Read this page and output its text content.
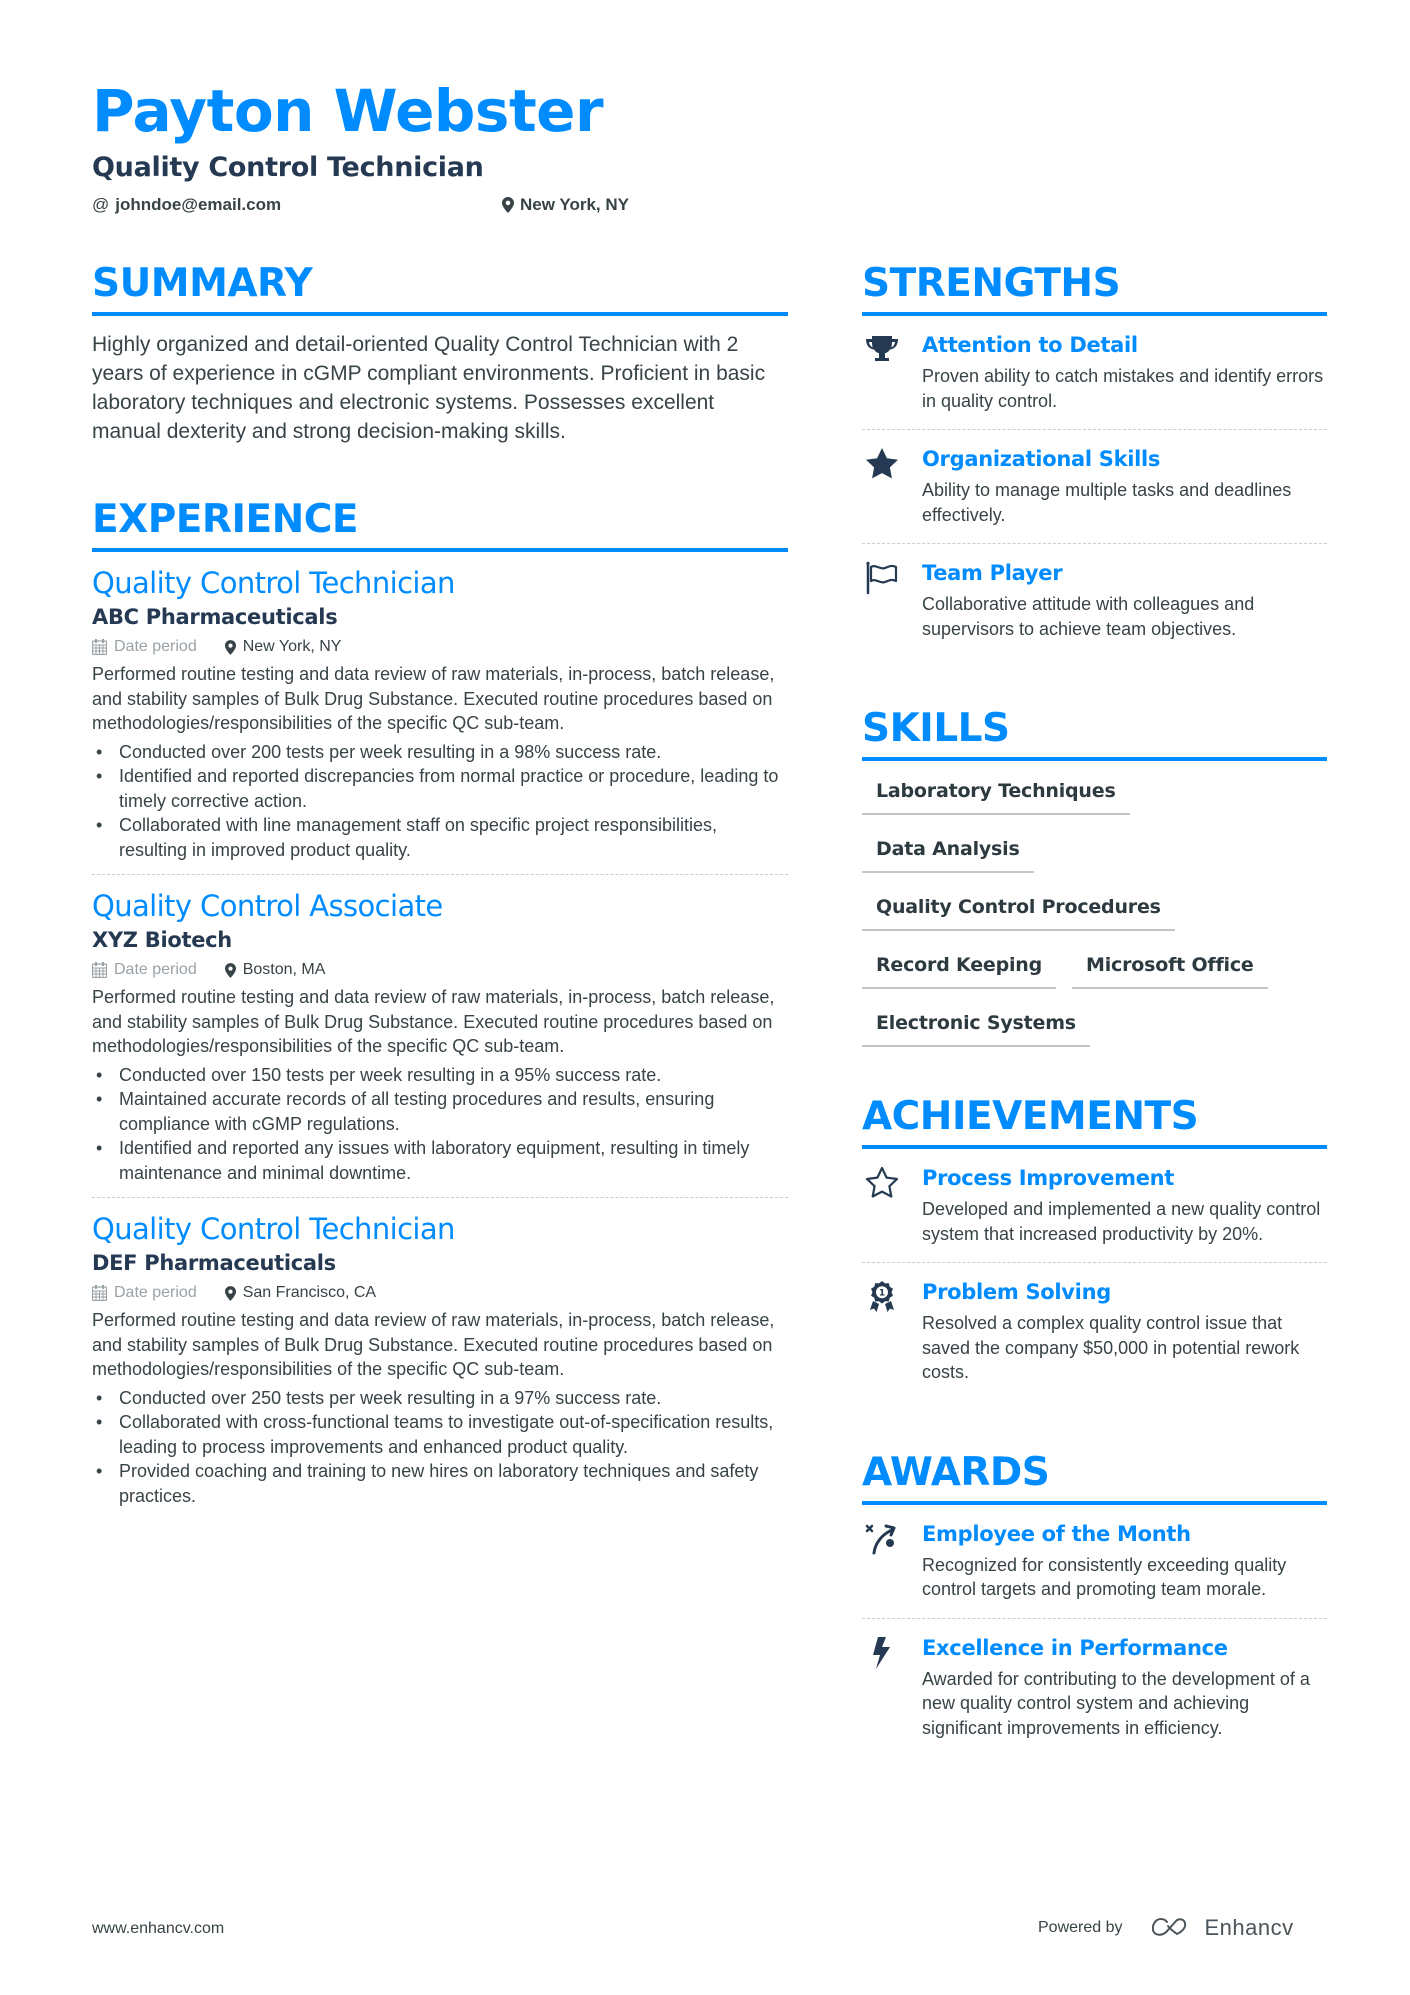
Payton Webster
Quality Control Technician
@ johndoe@email.com	New York, NY
SUMMARY

Highly organized and detail-oriented Quality Control Technician with 2 years of experience in cGMP compliant environments. Proficient in basic laboratory techniques and electronic systems. Possesses excellent manual dexterity and strong decision-making skills.

EXPERIENCE
Quality Control Technician
ABC Pharmaceuticals
Date period	New York, NY

Performed routine testing and data review of raw materials, in-process, batch release, and stability samples of Bulk Drug Substance. Executed routine procedures based on methodologies/responsibilities of the specific QC sub-team.

• Conducted over 200 tests per week resulting in a 98% success rate.
• Identified and reported discrepancies from normal practice or procedure, leading to timely corrective action.
• Collaborated with line management staff on specific project responsibilities, resulting in improved product quality.
Quality Control Associate
XYZ Biotech
Date period	Boston, MA

Performed routine testing and data review of raw materials, in-process, batch release, and stability samples of Bulk Drug Substance. Executed routine procedures based on methodologies/responsibilities of the specific QC sub-team.

• Conducted over 150 tests per week resulting in a 95% success rate.
• Maintained accurate records of all testing procedures and results, ensuring compliance with cGMP regulations.
• Identified and reported any issues with laboratory equipment, resulting in timely maintenance and minimal downtime.
Quality Control Technician
DEF Pharmaceuticals
Date period	San Francisco, CA

Performed routine testing and data review of raw materials, in-process, batch release, and stability samples of Bulk Drug Substance. Executed routine procedures based on methodologies/responsibilities of the specific QC sub-team.

• Conducted over 250 tests per week resulting in a 97% success rate.
• Collaborated with cross-functional teams to investigate out-of-specification results, leading to process improvements and enhanced product quality.
• Provided coaching and training to new hires on laboratory techniques and safety practices.
STRENGTHS
Attention to Detail
Proven ability to catch mistakes and identify errors in quality control.
Organizational Skills
Ability to manage multiple tasks and deadlines effectively.
Team Player
Collaborative attitude with colleagues and supervisors to achieve team objectives.
SKILLS
Laboratory Techniques
Data Analysis
Quality Control Procedures
Record Keeping	Microsoft Office
Electronic Systems
ACHIEVEMENTS
Process Improvement
Developed and implemented a new quality control system that increased productivity by 20%.
1 Problem Solving
Resolved a complex quality control issue that saved the company $50,000 in potential rework costs.
AWARDS
Employee of the Month
Recognized for consistently exceeding quality control targets and promoting team morale.
Excellence in Performance
Awarded for contributing to the development of a new quality control system and achieving significant improvements in efficiency.
www.enhancv.com	Powered by	Enhancv
